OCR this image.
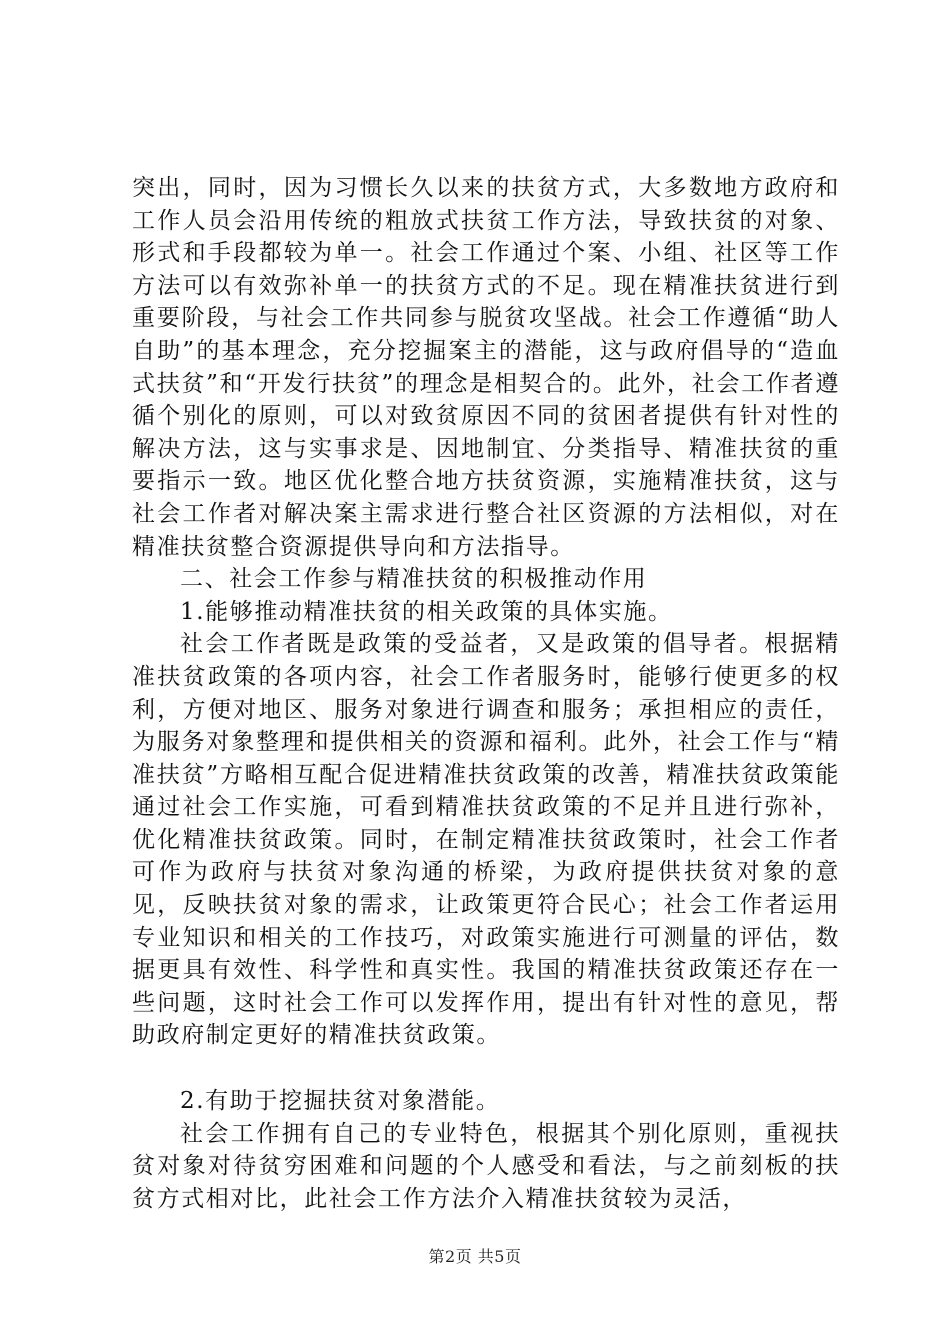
突出，同时，因为习惯长久以来的扶贫方式，大多数地方政府和工作人员会沿用传统的粗放式扶贫工作方法，导致扶贫的对象、形式和手段都较为单一。社会工作通过个案、小组、社区等工作方法可以有效弥补单一的扶贫方式的不足。现在精准扶贫进行到重要阶段，与社会工作共同参与脱贫攻坚战。社会工作遵循“助人自助”的基本理念，充分挖掘案主的潜能，这与政府倡导的“造血式扶贫”和“开发行扶贫”的理念是相契合的。此外，社会工作者遵循个别化的原则，可以对致贫原因不同的贫困者提供有针对性的解决方法，这与实事求是、因地制宜、分类指导、精准扶贫的重要指示一致。地区优化整合地方扶贫资源，实施精准扶贫，这与社会工作者对解决案主需求进行整合社区资源的方法相似，对在精准扶贫整合资源提供导向和方法指导。

二、社会工作参与精准扶贫的积极推动作用

1.能够推动精准扶贫的相关政策的具体实施。

社会工作者既是政策的受益者，又是政策的倡导者。根据精准扶贫政策的各项内容，社会工作者服务时，能够行使更多的权利，方便对地区、服务对象进行调查和服务；承担相应的责任，为服务对象整理和提供相关的资源和福利。此外，社会工作与“精准扶贫”方略相互配合促进精准扶贫政策的改善，精准扶贫政策能通过社会工作实施，可看到精准扶贫政策的不足并且进行弥补，优化精准扶贫政策。同时，在制定精准扶贫政策时，社会工作者可作为政府与扶贫对象沟通的桥梁，为政府提供扶贫对象的意见，反映扶贫对象的需求，让政策更符合民心；社会工作者运用专业知识和相关的工作技巧，对政策实施进行可测量的评估，数据更具有效性、科学性和真实性。我国的精准扶贫政策还存在一些问题，这时社会工作可以发挥作用，提出有针对性的意见，帮助政府制定更好的精准扶贫政策。

2.有助于挖掘扶贫对象潜能。

社会工作拥有自己的专业特色，根据其个别化原则，重视扶贫对象对待贫穷困难和问题的个人感受和看法，与之前刻板的扶贫方式相对比，此社会工作方法介入精准扶贫较为灵活，

第2页 共5页
